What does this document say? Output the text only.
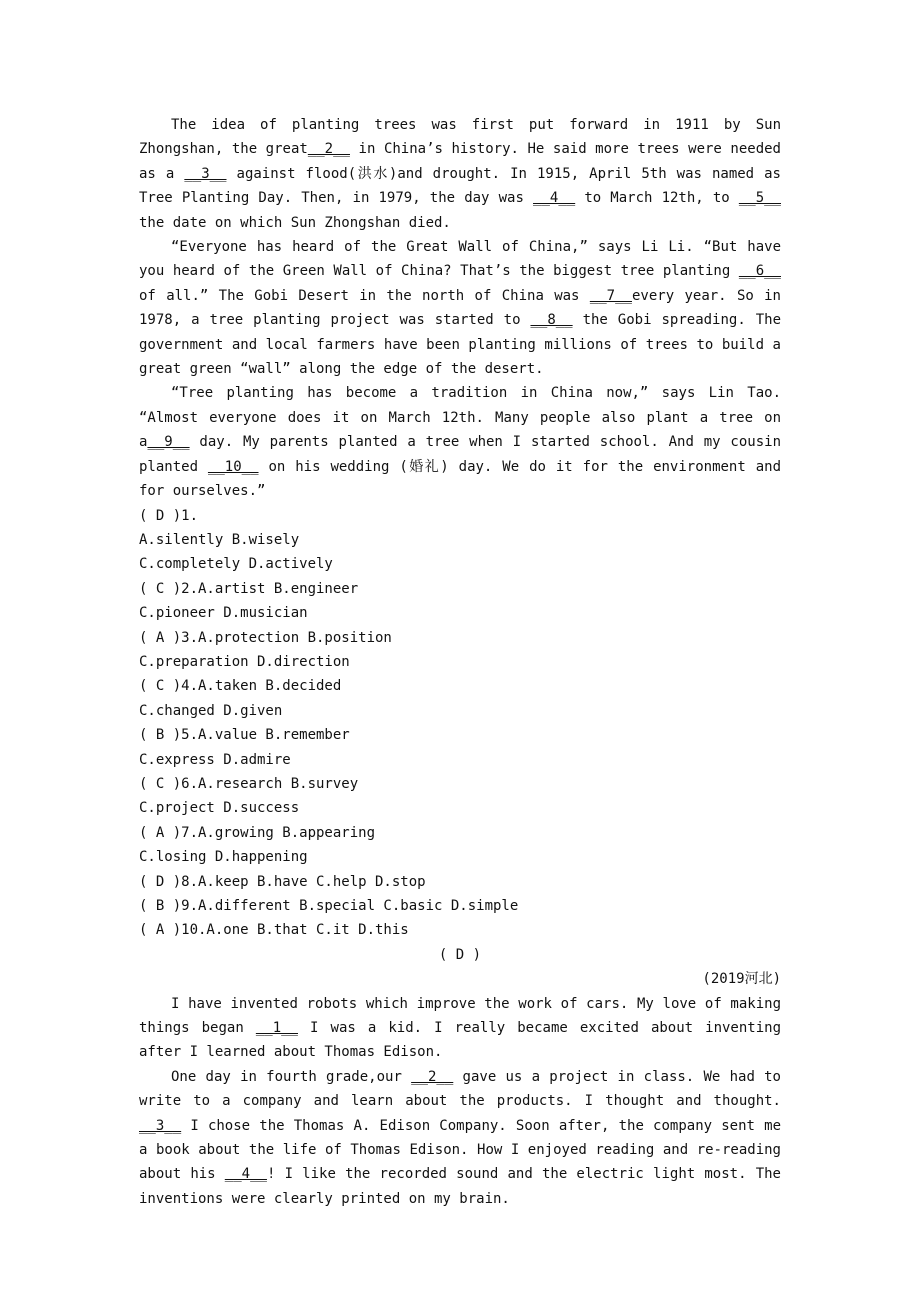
The idea of planting trees was first put forward in 1911 by Sun Zhongshan, the great__2__ in China’s history. He said more trees were needed as a __3__ against flood(洪水)and drought. In 1915, April 5th was named as Tree Planting Day. Then, in 1979, the day was __4__ to March 12th, to __5__ the date on which Sun Zhongshan died.

“Everyone has heard of the Great Wall of China,” says Li Li. “But have you heard of the Green Wall of China? That’s the biggest tree planting __6__ of all.” The Gobi Desert in the north of China was __7__every year. So in 1978, a tree planting project was started to __8__ the Gobi spreading. The government and local farmers have been planting millions of trees to build a great green “wall” along the edge of the desert.

“Tree planting has become a tradition in China now,” says Lin Tao. “Almost everyone does it on March 12th. Many people also plant a tree on a__9__ day. My parents planted a tree when I started school. And my cousin planted __10__ on his wedding (婚礼) day. We do it for the environment and for ourselves.”

( D )1.

A.silently B.wisely

C.completely D.actively

( C )2.A.artist B.engineer

C.pioneer D.musician

( A )3.A.protection B.position

C.preparation D.direction

( C )4.A.taken B.decided

C.changed D.given

( B )5.A.value B.remember

C.express D.admire

( C )6.A.research B.survey

C.project D.success

( A )7.A.growing B.appearing

C.losing D.happening

( D )8.A.keep B.have C.help D.stop

( B )9.A.different B.special C.basic D.simple

( A )10.A.one B.that C.it D.this

( D )

(2019河北)

I have invented robots which improve the work of cars. My love of making things began __1__ I was a kid. I really became excited about inventing after I learned about Thomas Edison.

One day in fourth grade,our __2__ gave us a project in class. We had to write to a company and learn about the products. I thought and thought. __3__ I chose the Thomas A. Edison Company. Soon after, the company sent me a book about the life of Thomas Edison. How I enjoyed reading and re-reading about his __4__! I like the recorded sound and the electric light most. The inventions were clearly printed on my brain.
